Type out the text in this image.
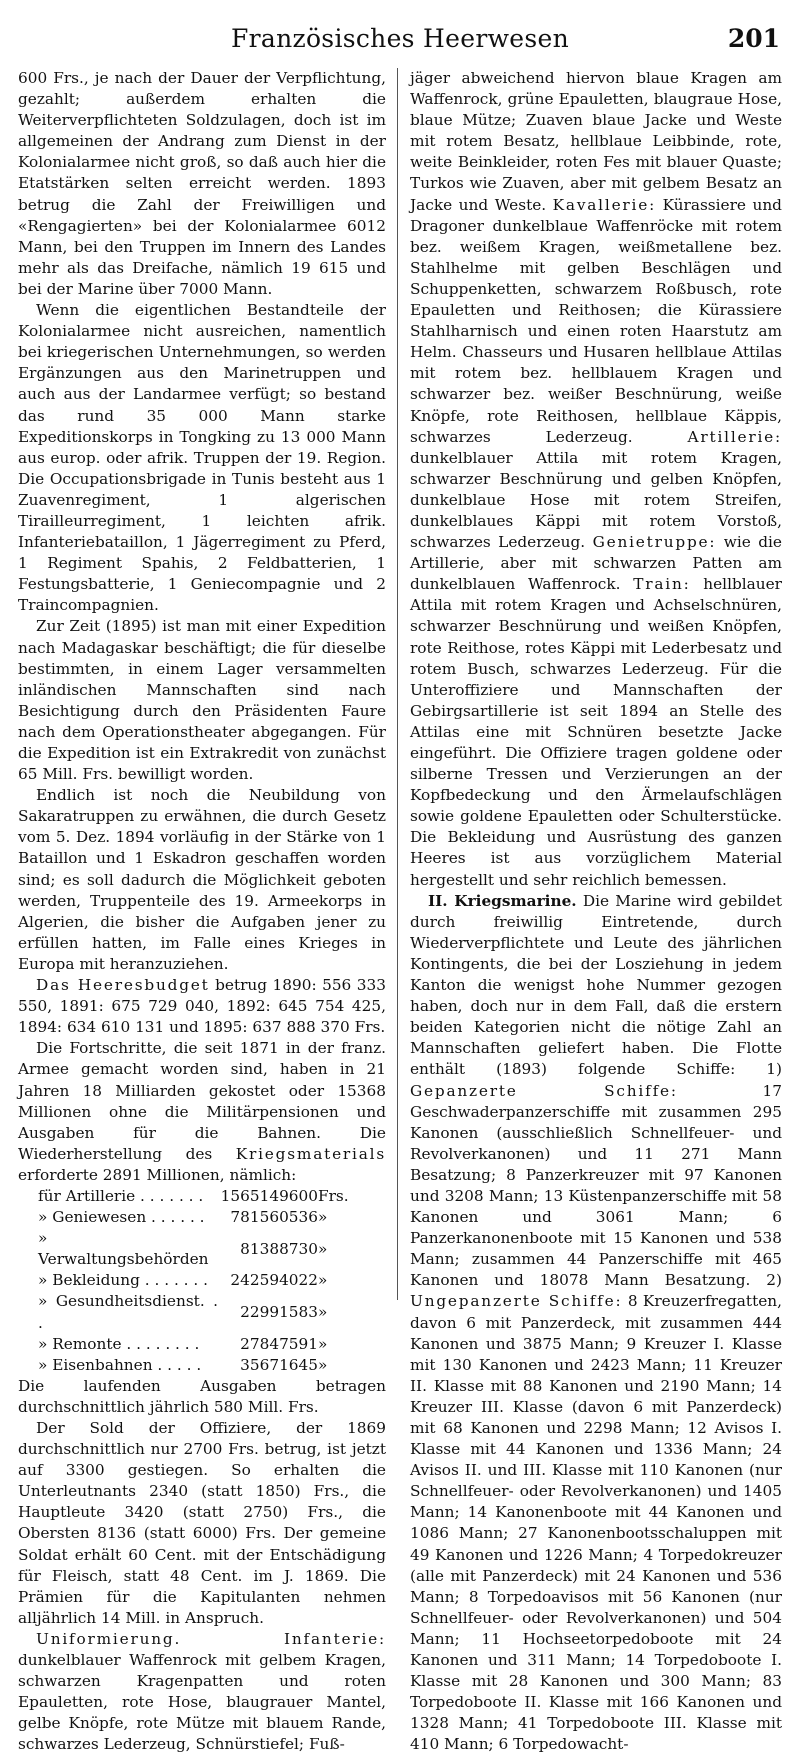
Französisches Heerwesen	201

600 Frs., je nach der Dauer der Verpflichtung, gezahlt; außerdem erhalten die Weiterverpflichteten Soldzulagen, doch ist im allgemeinen der Andrang zum Dienst in der Kolonialarmee nicht groß, so daß auch hier die Etatstärken selten erreicht werden. 1893 betrug die Zahl der Freiwilligen und «Rengagierten» bei der Kolonialarmee 6012 Mann, bei den Truppen im Innern des Landes mehr als das Dreifache, nämlich 19 615 und bei der Marine über 7000 Mann.

Wenn die eigentlichen Bestandteile der Kolonialarmee nicht ausreichen, namentlich bei kriegerischen Unternehmungen, so werden Ergänzungen aus den Marinetruppen und auch aus der Landarmee verfügt; so bestand das rund 35 000 Mann starke Expeditionskorps in Tongking zu 13 000 Mann aus europ. oder afrik. Truppen der 19. Region. Die Occupationsbrigade in Tunis besteht aus 1 Zuavenregiment, 1 algerischen Tirailleurregiment, 1 leichten afrik. Infanteriebataillon, 1 Jägerregiment zu Pferd, 1 Regiment Spahis, 2 Feldbatterien, 1 Festungsbatterie, 1 Geniecompagnie und 2 Traincompagnien.

Zur Zeit (1895) ist man mit einer Expedition nach Madagaskar beschäftigt; die für dieselbe bestimmten, in einem Lager versammelten inländischen Mannschaften sind nach Besichtigung durch den Präsidenten Faure nach dem Operationstheater abgegangen. Für die Expedition ist ein Extrakredit von zunächst 65 Mill. Frs. bewilligt worden.

Endlich ist noch die Neubildung von Sakaratruppen zu erwähnen, die durch Gesetz vom 5. Dez. 1894 vorläufig in der Stärke von 1 Bataillon und 1 Eskadron geschaffen worden sind; es soll dadurch die Möglichkeit geboten werden, Truppenteile des 19. Armeekorps in Algerien, die bisher die Aufgaben jener zu erfüllen hatten, im Falle eines Krieges in Europa mit heranzuziehen.

Das Heeresbudget betrug 1890: 556 333 550, 1891: 675 729 040, 1892: 645 754 425, 1894: 634 610 131 und 1895: 637 888 370 Frs.

Die Fortschritte, die seit 1871 in der franz. Armee gemacht worden sind, haben in 21 Jahren 18 Milliarden gekostet oder 15368 Millionen ohne die Militärpensionen und Ausgaben für die Bahnen. Die Wiederherstellung des Kriegsmaterials erforderte 2891 Millionen, nämlich:

für Artillerie . . . . . . .	1565149600	Frs.
» Geniewesen . . . . . .	781560536	»
» Verwaltungsbehörden	81388730	»
» Bekleidung . . . . . . .	242594022	»
» Gesundheitsdienst. . .	22991583	»
» Remonte . . . . . . . .	27847591	»
» Eisenbahnen . . . . .	35671645	»

Die laufenden Ausgaben betragen durchschnittlich jährlich 580 Mill. Frs.

Der Sold der Offiziere, der 1869 durchschnittlich nur 2700 Frs. betrug, ist jetzt auf 3300 gestiegen. So erhalten die Unterleutnants 2340 (statt 1850) Frs., die Hauptleute 3420 (statt 2750) Frs., die Obersten 8136 (statt 6000) Frs. Der gemeine Soldat erhält 60 Cent. mit der Entschädigung für Fleisch, statt 48 Cent. im J. 1869. Die Prämien für die Kapitulanten nehmen alljährlich 14 Mill. in Anspruch.

Uniformierung.	Infanterie: dunkelblauer Waffenrock mit gelbem Kragen, schwarzen Kragenpatten und roten Epauletten, rote Hose, blaugrauer Mantel, gelbe Knöpfe, rote Mütze mit blauem Rande, schwarzes Lederzeug, Schnürstiefel; Fuß-

jäger abweichend hiervon blaue Kragen am Waffenrock, grüne Epauletten, blaugraue Hose, blaue Mütze; Zuaven blaue Jacke und Weste mit rotem Besatz, hellblaue Leibbinde, rote, weite Beinkleider, roten Fes mit blauer Quaste; Turkos wie Zuaven, aber mit gelbem Besatz an Jacke und Weste. Kavallerie: Kürassiere und Dragoner dunkelblaue Waffenröcke mit rotem bez. weißem Kragen, weißmetallene bez. Stahlhelme mit gelben Beschlägen und Schuppenketten, schwarzem Roßbusch, rote Epauletten und Reithosen; die Kürassiere Stahlharnisch und einen roten Haarstutz am Helm. Chasseurs und Husaren hellblaue Attilas mit rotem bez. hellblauem Kragen und schwarzer bez. weißer Beschnürung, weiße Knöpfe, rote Reithosen, hellblaue Käppis, schwarzes Lederzeug.	Artillerie: dunkelblauer Attila mit rotem Kragen, schwarzer Beschnürung und gelben Knöpfen, dunkelblaue Hose mit rotem Streifen, dunkelblaues Käppi mit rotem Vorstoß, schwarzes Lederzeug. Genietruppe: wie die Artillerie, aber mit schwarzen Patten am dunkelblauen Waffenrock. Train: hellblauer Attila mit rotem Kragen und Achselschnüren, schwarzer Beschnürung und weißen Knöpfen, rote Reithose, rotes Käppi mit Lederbesatz und rotem Busch, schwarzes Lederzeug. Für die Unteroffiziere und Mannschaften der Gebirgsartillerie ist seit 1894 an Stelle des Attilas eine mit Schnüren besetzte Jacke eingeführt. Die Offiziere tragen goldene oder silberne Tressen und Verzierungen an der Kopfbedeckung und den Ärmelaufschlägen sowie goldene Epauletten oder Schulterstücke. Die Bekleidung und Ausrüstung des ganzen Heeres ist aus vorzüglichem Material hergestellt und sehr reichlich bemessen.

II. Kriegsmarine. Die Marine wird gebildet durch freiwillig Eintretende, durch Wiederverpflichtete und Leute des jährlichen Kontingents, die bei der Losziehung in jedem Kanton die wenigst hohe Nummer gezogen haben, doch nur in dem Fall, daß die erstern beiden Kategorien nicht die nötige Zahl an Mannschaften geliefert haben. Die Flotte enthält (1893) folgende Schiffe: 1) Gepanzerte Schiffe:	17 Geschwaderpanzerschiffe mit zusammen 295 Kanonen (ausschließlich Schnellfeuer- und Revolverkanonen) und 11 271 Mann Besatzung; 8 Panzerkreuzer mit 97 Kanonen und 3208 Mann; 13 Küstenpanzerschiffe mit 58 Kanonen und 3061 Mann; 6 Panzerkanonenboote mit 15 Kanonen und 538 Mann; zusammen 44 Panzerschiffe mit 465 Kanonen und 18078 Mann Besatzung. 2) Ungepanzerte Schiffe: 8 Kreuzerfregatten, davon 6 mit Panzerdeck, mit zusammen 444 Kanonen und 3875 Mann; 9 Kreuzer I. Klasse mit 130 Kanonen und 2423 Mann; 11 Kreuzer II. Klasse mit 88 Kanonen und 2190 Mann; 14 Kreuzer III. Klasse (davon 6 mit Panzerdeck) mit 68 Kanonen und 2298 Mann; 12 Avisos I. Klasse mit 44 Kanonen und 1336 Mann; 24 Avisos II. und III. Klasse mit 110 Kanonen (nur Schnellfeuer- oder Revolverkanonen) und 1405 Mann; 14 Kanonenboote mit 44 Kanonen und 1086 Mann; 27 Kanonenbootsschaluppen mit 49 Kanonen und 1226 Mann; 4 Torpedokreuzer (alle mit Panzerdeck) mit 24 Kanonen und 536 Mann; 8 Torpedoavisos mit 56 Kanonen (nur Schnellfeuer- oder Revolverkanonen) und 504 Mann; 11 Hochseetorpedoboote mit 24 Kanonen und 311 Mann; 14 Torpedoboote I. Klasse mit 28 Kanonen und 300 Mann; 83 Torpedoboote II. Klasse mit 166 Kanonen und 1328 Mann; 41 Torpedoboote III. Klasse mit 410 Mann; 6 Torpedowacht-
